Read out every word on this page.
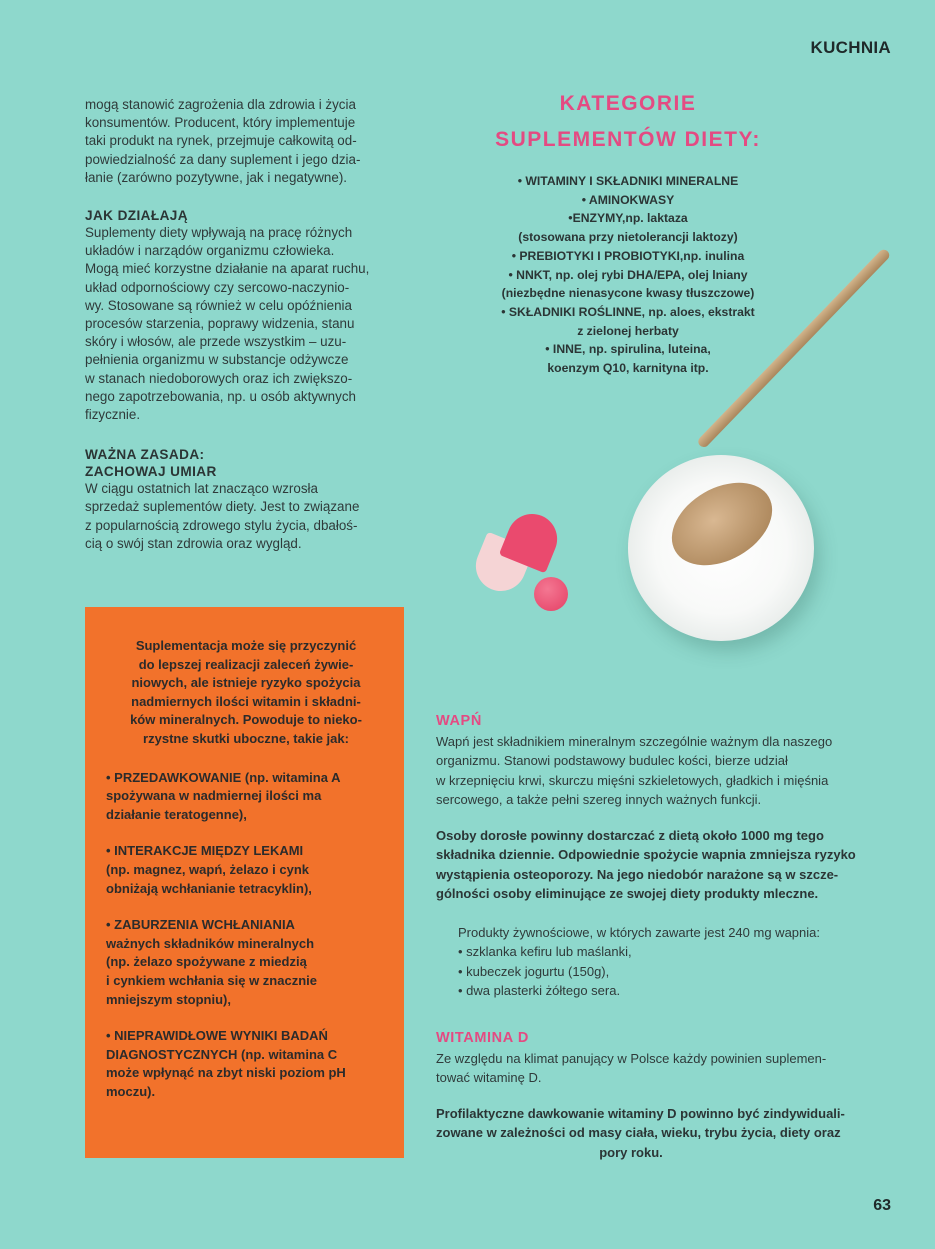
KUCHNIA

mogą stanowić zagrożenia dla zdrowia i życia

konsumentów. Producent, który implementuje

taki produkt na rynek, przejmuje całkowitą od-

powiedzialność za dany suplement i jego dzia-

łanie (zarówno pozytywne, jak i negatywne).

JAK DZIAŁAJĄ

Suplementy diety wpływają na pracę różnych

układów i narządów organizmu człowieka.

Mogą mieć korzystne działanie na aparat ruchu,

układ odpornościowy czy sercowo-naczynio-

wy. Stosowane są również w celu opóźnienia

procesów starzenia, poprawy widzenia, stanu

skóry i włosów, ale przede wszystkim – uzu-

pełnienia organizmu w substancje odżywcze

w stanach niedoborowych oraz ich zwiększo-

nego zapotrzebowania, np. u osób aktywnych

fizycznie.

WAŻNA ZASADA:
ZACHOWAJ UMIAR

W ciągu ostatnich lat znacząco wzrosła

sprzedaż suplementów diety. Jest to związane

z popularnością zdrowego stylu życia, dbałoś-

cią o swój stan zdrowia oraz wygląd.

KATEGORIE
SUPLEMENTÓW DIETY:
• WITAMINY I SKŁADNIKI MINERALNE
• AMINOKWASY
•ENZYMY,np. laktaza
(stosowana przy nietolerancji laktozy)
• PREBIOTYKI I PROBIOTYKI,np. inulina
• NNKT, np. olej rybi DHA/EPA, olej lniany
(niezbędne nienasycone kwasy tłuszczowe)
• SKŁADNIKI ROŚLINNE, np. aloes, ekstrakt
z zielonej herbaty
• INNE, np. spirulina, luteina,
koenzym Q10, karnityna itp.

Suplementacja może się przyczynić

do lepszej realizacji zaleceń żywie-

niowych, ale istnieje ryzyko spożycia

nadmiernych ilości witamin i składni-

ków mineralnych. Powoduje to nieko-

rzystne skutki uboczne, takie jak:

• PRZEDAWKOWANIE (np. witamina A

spożywana w nadmiernej ilości ma

działanie teratogenne),

• INTERAKCJE MIĘDZY LEKAMI

(np. magnez, wapń, żelazo i cynk

obniżają wchłanianie tetracyklin),

• ZABURZENIA WCHŁANIANIA

ważnych składników mineralnych

(np. żelazo spożywane z miedzią

i cynkiem wchłania się w znacznie

mniejszym stopniu),

• NIEPRAWIDŁOWE WYNIKI BADAŃ

DIAGNOSTYCZNYCH (np. witamina C

może wpłynąć na zbyt niski poziom pH

moczu).

WAPŃ

Wapń jest składnikiem mineralnym szczególnie ważnym dla naszego

organizmu. Stanowi podstawowy budulec kości, bierze udział

w krzepnięciu krwi, skurczu mięśni szkieletowych, gładkich i mięśnia

sercowego, a także pełni szereg innych ważnych funkcji.

Osoby dorosłe powinny dostarczać z dietą około 1000 mg tego

składnika dziennie. Odpowiednie spożycie wapnia zmniejsza ryzyko

wystąpienia osteoporozy. Na jego niedobór narażone są w szcze-

gólności osoby eliminujące ze swojej diety produkty mleczne.

Produkty żywnościowe, w których zawarte jest 240 mg wapnia:

• szklanka kefiru lub maślanki,

• kubeczek jogurtu (150g),

• dwa plasterki żółtego sera.

WITAMINA D

Ze względu na klimat panujący w Polsce każdy powinien suplemen-

tować witaminę D.

Profilaktyczne dawkowanie witaminy D powinno być zindywiduali-

zowane w zależności od masy ciała, wieku, trybu życia, diety oraz

pory roku.

63
